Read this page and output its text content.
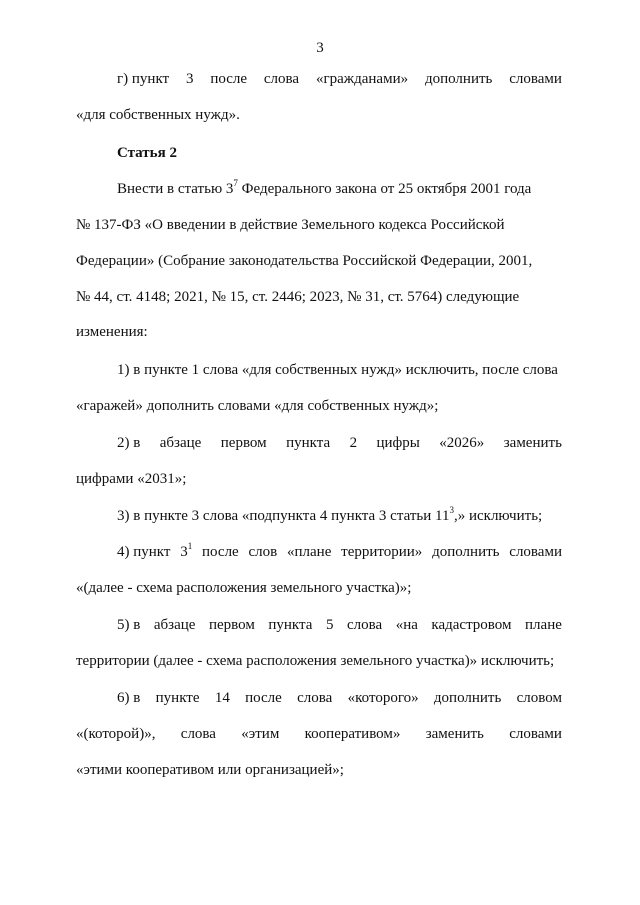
3
г) пункт 3 после слова «гражданами» дополнить словами
«для собственных нужд».
Статья 2
Внести в статью $3^7$ Федерального закона от 25 октября 2001 года
№ 137-ФЗ «О введении в действие Земельного кодекса Российской
Федерации» (Собрание законодательства Российской Федерации, 2001,
№ 44, ст. 4148; 2021, № 15, ст. 2446; 2023, № 31, ст. 5764) следующие
изменения:
1) в пункте 1 слова «для собственных нужд» исключить, после слова
«гаражей» дополнить словами «для собственных нужд»;
2) в абзаце первом пункта 2 цифры «2026» заменить
цифрами «2031»;
3) в пункте 3 слова «подпункта 4 пункта 3 статьи $11^3$,» исключить;
4) пункт $3^1$ после слов «плане территории» дополнить словами
«(далее - схема расположения земельного участка)»;
5) в абзаце первом пункта 5 слова «на кадастровом плане
территории (далее - схема расположения земельного участка)» исключить;
6) в пункте 14 после слова «которого» дополнить словом
«(которой)», слова «этим кооперативом» заменить словами
«этими кооперативом или организацией»;
